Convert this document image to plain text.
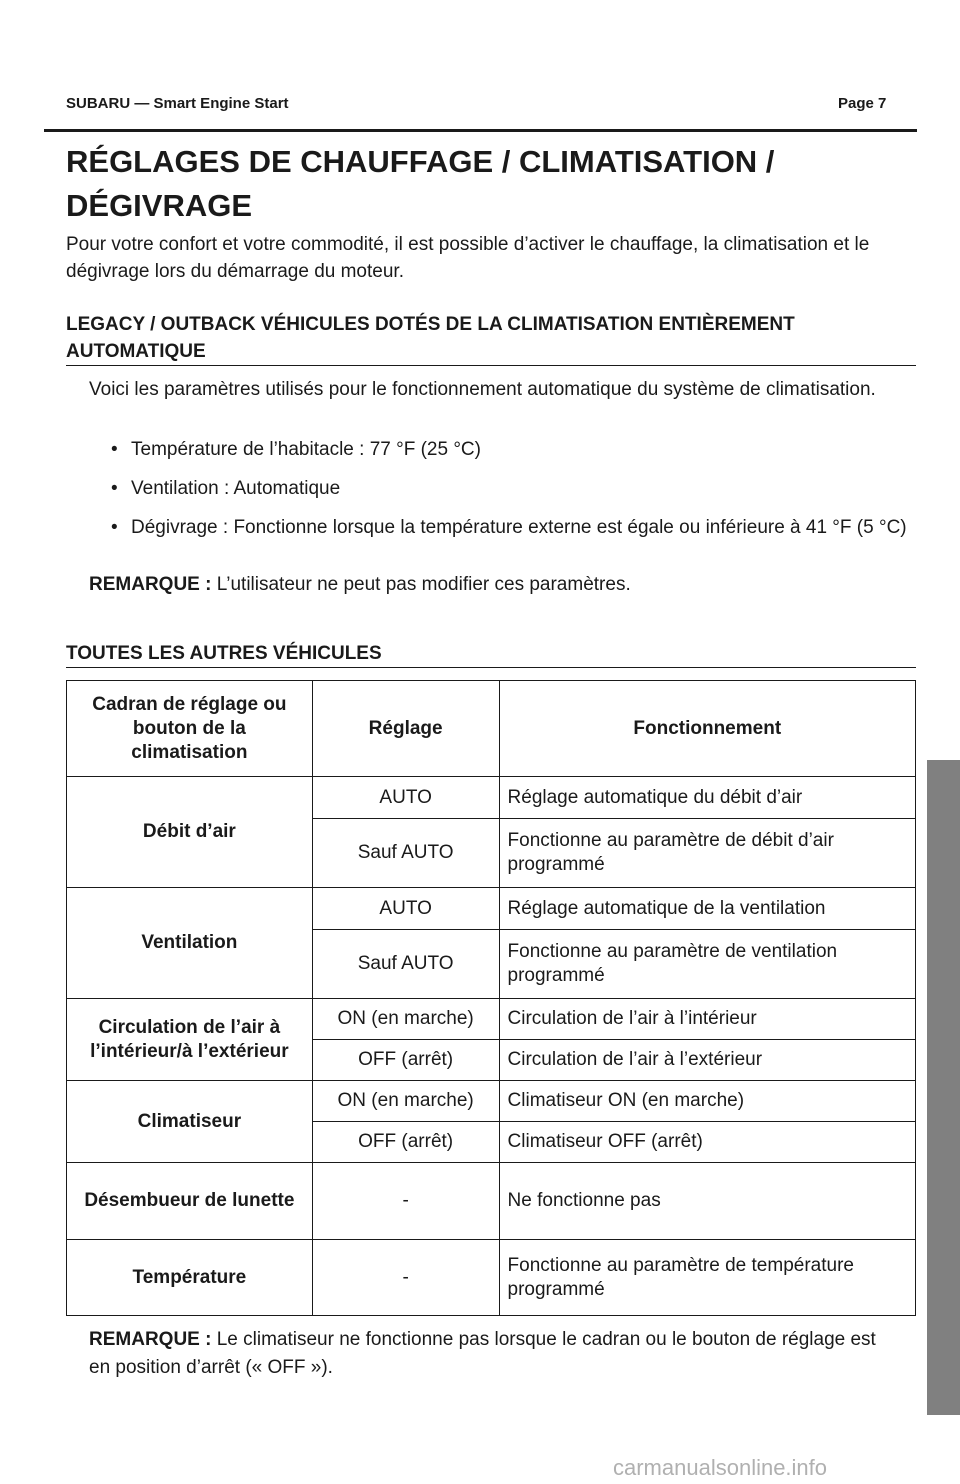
SUBARU — Smart Engine Start	Page 7
RÉGLAGES DE CHAUFFAGE / CLIMATISATION / DÉGIVRAGE

Pour votre confort et votre commodité, il est possible d’activer le chauffage, la climatisation et le dégivrage lors du démarrage du moteur.

LEGACY / OUTBACK VÉHICULES DOTÉS DE LA CLIMATISATION ENTIÈREMENT AUTOMATIQUE

Voici les paramètres utilisés pour le fonctionnement automatique du système de climatisation.

• Température de l’habitacle : 77 °F (25 °C)
• Ventilation : Automatique
• Dégivrage : Fonctionne lorsque la température externe est égale ou inférieure à 41 °F (5 °C)

REMARQUE : L’utilisateur ne peut pas modifier ces paramètres.

TOUTES LES AUTRES VÉHICULES
Cadran de réglage ou bouton de la climatisation	Réglage	Fonctionnement
Débit d’air	AUTO	Réglage automatique du débit d’air
	Sauf AUTO	Fonctionne au paramètre de débit d’air programmé
Ventilation	AUTO	Réglage automatique de la ventilation
	Sauf AUTO	Fonctionne au paramètre de ventilation programmé
Circulation de l’air à l’intérieur/à l’extérieur	ON (en marche)	Circulation de l’air à l’intérieur
	OFF (arrêt)	Circulation de l’air à l’extérieur
Climatiseur	ON (en marche)	Climatiseur ON (en marche)
	OFF (arrêt)	Climatiseur OFF (arrêt)
Désembueur de lunette	-	Ne fonctionne pas
Température	-	Fonctionne au paramètre de température programmé

REMARQUE : Le climatiseur ne fonctionne pas lorsque le cadran ou le bouton de réglage est en position d’arrêt (« OFF »).

carmanualsonline.info
